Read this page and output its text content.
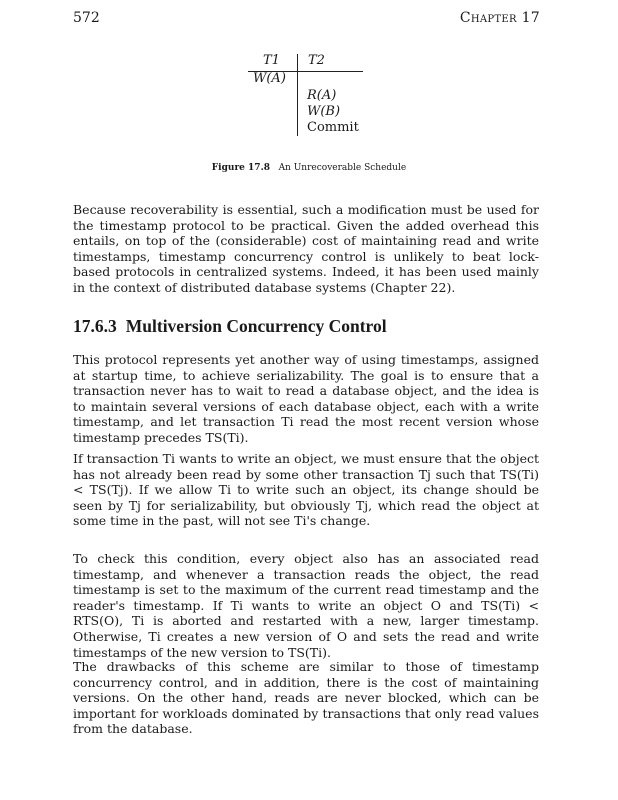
572	Chapter 17
T1 T2
W(A)
R(A)
W(B)
Commit
Figure 17.8 An Unrecoverable Schedule

Because recoverability is essential, such a modification must be used for the timestamp protocol to be practical. Given the added overhead this entails, on top of the (considerable) cost of maintaining read and write timestamps, timestamp concurrency control is unlikely to beat lock-based protocols in centralized systems. Indeed, it has been used mainly in the context of distributed database systems (Chapter 22).

17.6.3 Multiversion Concurrency Control

This protocol represents yet another way of using timestamps, assigned at startup time, to achieve serializability. The goal is to ensure that a transaction never has to wait to read a database object, and the idea is to maintain several versions of each database object, each with a write timestamp, and let transaction Ti read the most recent version whose timestamp precedes TS(Ti).

If transaction Ti wants to write an object, we must ensure that the object has not already been read by some other transaction Tj such that TS(Ti) < TS(Tj). If we allow Ti to write such an object, its change should be seen by Tj for serializability, but obviously Tj, which read the object at some time in the past, will not see Ti's change.

To check this condition, every object also has an associated read timestamp, and whenever a transaction reads the object, the read timestamp is set to the maximum of the current read timestamp and the reader's timestamp. If Ti wants to write an object O and TS(Ti) < RTS(O), Ti is aborted and restarted with a new, larger timestamp. Otherwise, Ti creates a new version of O and sets the read and write timestamps of the new version to TS(Ti).

The drawbacks of this scheme are similar to those of timestamp concurrency control, and in addition, there is the cost of maintaining versions. On the other hand, reads are never blocked, which can be important for workloads dominated by transactions that only read values from the database.
